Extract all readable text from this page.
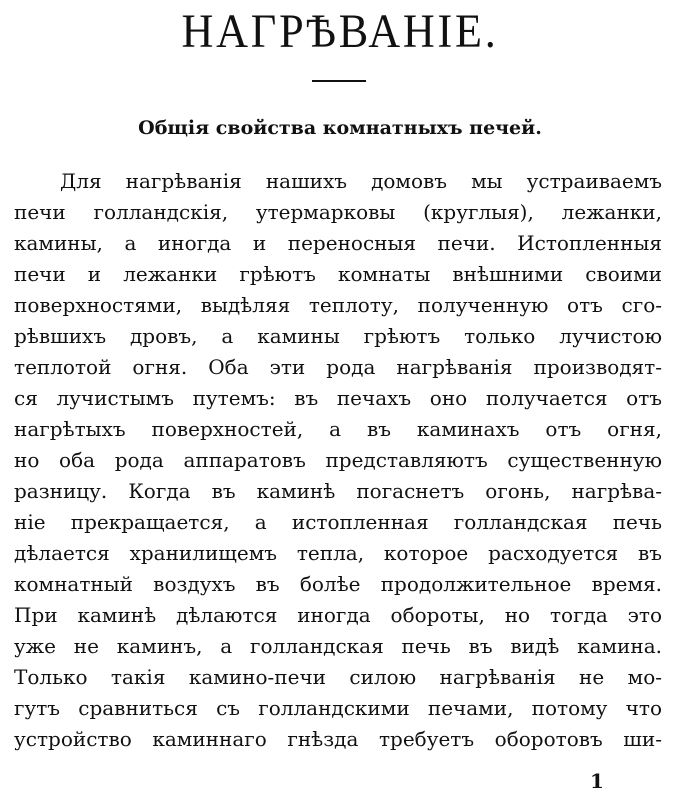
НАГРѢВАНІЕ.
Общія свойства комнатныхъ печей.
Для нагрѣванія нашихъ домовъ мы устраиваемъ
печи голландскія, утермарковы (круглыя), лежанки,
камины, а иногда и переносныя печи. Истопленныя
печи и лежанки грѣютъ комнаты внѣшними своими
поверхностями, выдѣляя теплоту, полученную отъ сго-
рѣвшихъ дровъ, а камины грѣютъ только лучистою
теплотой огня. Оба эти рода нагрѣванія производят-
ся лучистымъ путемъ: въ печахъ оно получается отъ
нагрѣтыхъ поверхностей, а въ каминахъ отъ огня,
но оба рода аппаратовъ представляютъ существенную
разницу. Когда въ каминѣ погаснетъ огонь, нагрѣва-
ніе прекращается, а истопленная голландская печь
дѣлается хранилищемъ тепла, которое расходуется въ
комнатный воздухъ въ болѣе продолжительное время.
При каминѣ дѣлаются иногда обороты, но тогда это
уже не каминъ, а голландская печь въ видѣ камина.
Только такія камино-печи силою нагрѣванія не мо-
гутъ сравниться съ голландскими печами, потому что
устройство каминнаго гнѣзда требуетъ оборотовъ ши-
1
